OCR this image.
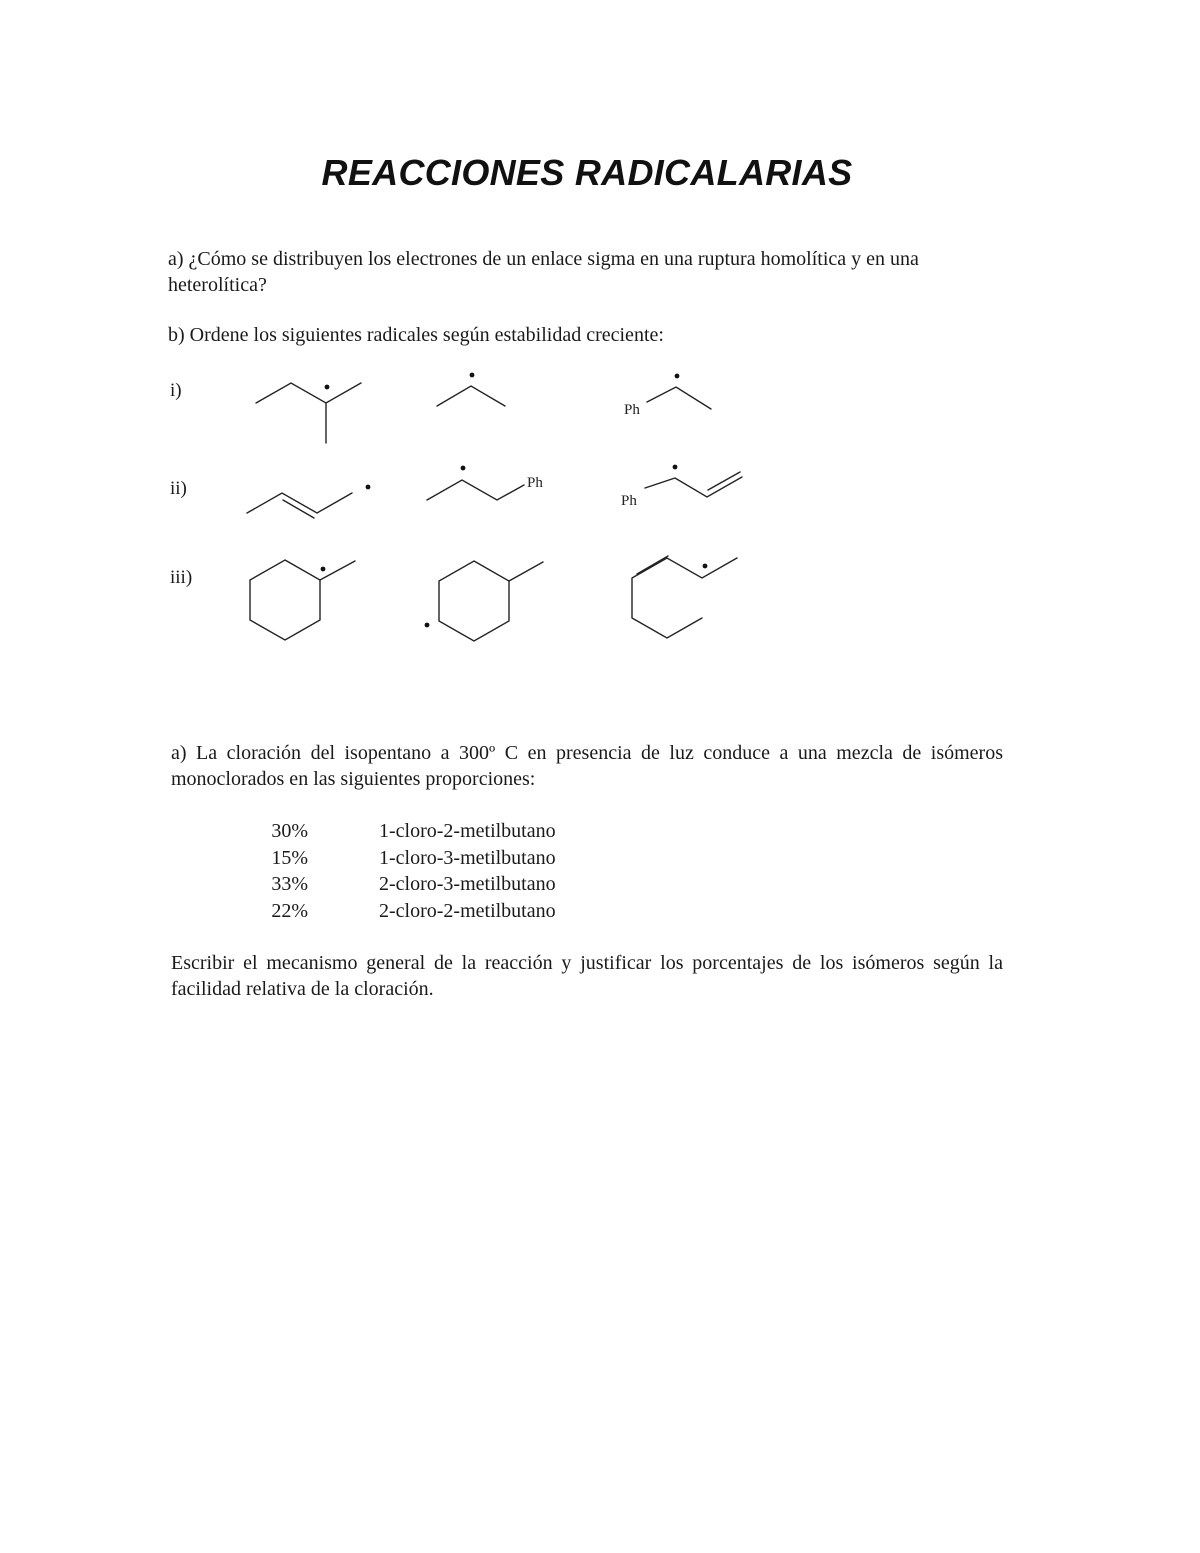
REACCIONES RADICALARIAS

a) ¿Cómo se distribuyen los electrones de un enlace sigma en una ruptura homolítica y en una heterolítica?

b) Ordene los siguientes radicales según estabilidad creciente:

i)
ii)
iii)
Ph
Ph
Ph

a) La cloración del isopentano a 300º C en presencia de luz conduce a una mezcla de isómeros monoclorados en las siguientes proporciones:

30%	1-cloro-2-metilbutano
15%	1-cloro-3-metilbutano
33%	2-cloro-3-metilbutano
22%	2-cloro-2-metilbutano

Escribir el mecanismo general de la reacción y justificar los porcentajes de los isómeros según la facilidad relativa de la cloración.
